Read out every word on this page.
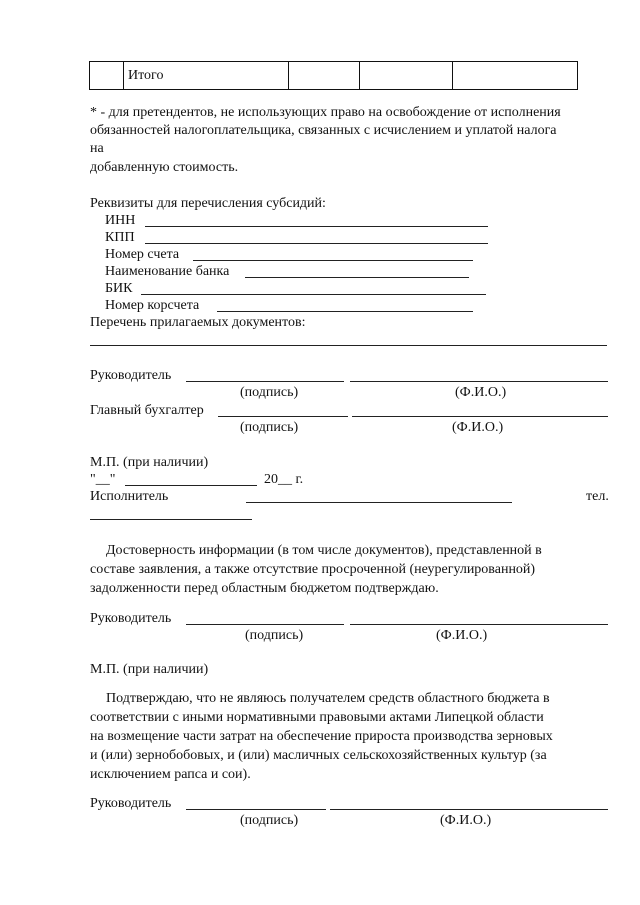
	Итого			
* - для претендентов, не использующих право на освобождение от исполнения
обязанностей налогоплательщика, связанных с исчислением и уплатой налога
на
добавленную стоимость.
Реквизиты для перечисления субсидий:
ИНН
КПП
Номер счета
Наименование банка
БИК
Номер корсчета
Перечень прилагаемых документов:
Руководитель
(подпись)	(Ф.И.О.)
Главный бухгалтер
(подпись)	(Ф.И.О.)
М.П. (при наличии)
"__"	20__ г.
Исполнитель	тел.
Достоверность информации (в том числе документов), представленной в
составе заявления, а также отсутствие просроченной (неурегулированной)
задолженности перед областным бюджетом подтверждаю.
Руководитель
(подпись)	(Ф.И.О.)
М.П. (при наличии)
Подтверждаю, что не являюсь получателем средств областного бюджета в
соответствии с иными нормативными правовыми актами Липецкой области
на возмещение части затрат на обеспечение прироста производства зерновых
и (или) зернобобовых, и (или) масличных сельскохозяйственных культур (за
исключением рапса и сои).
Руководитель
(подпись)	(Ф.И.О.)
